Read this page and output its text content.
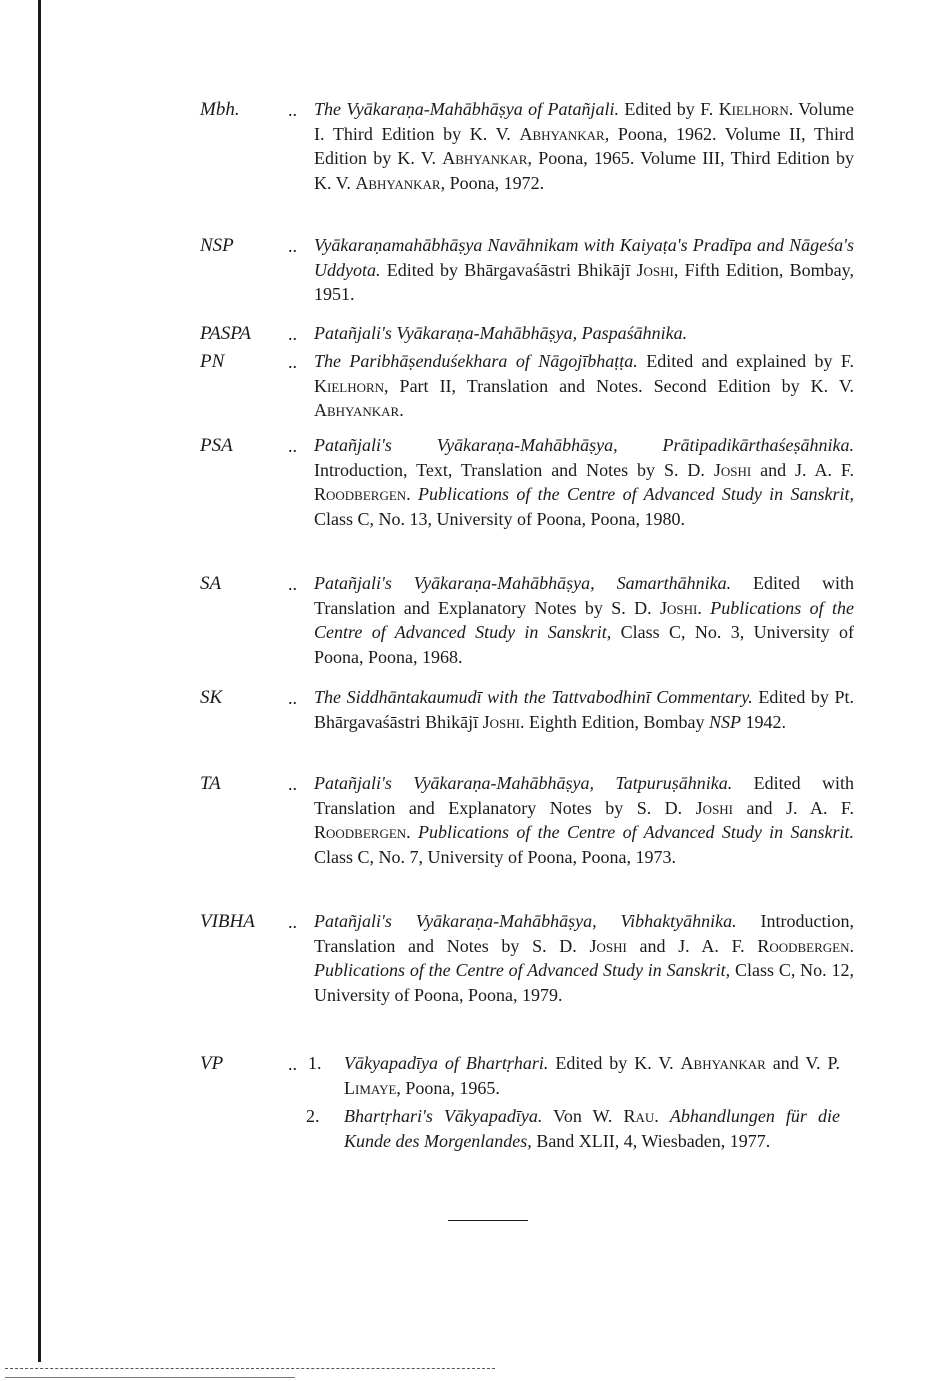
Mbh.	.. The Vyākaraṇa-Mahābhāṣya of Patañjali. Edited by F. Kielhorn. Volume I. Third Edition by K. V. Abhyankar, Poona, 1962. Volume II, Third Edition by K. V. Abhyankar, Poona, 1965. Volume III, Third Edition by K. V. Abhyankar, Poona, 1972.
NSP	.. Vyākaraṇamahābhāṣya Navāhnikam with Kaiyaṭa's Pradīpa and Nāgeśa's Uddyota. Edited by Bhārgavaśāstri Bhikājī Joshi, Fifth Edition, Bombay, 1951.
PASPA	.. Patañjali's Vyākaraṇa-Mahābhāṣya, Paspaśāhnika.
PN	.. The Paribhāṣenduśekhara of Nāgojībhaṭṭa. Edited and explained by F. Kielhorn, Part II, Translation and Notes. Second Edition by K. V. Abhyankar.
PSA	.. Patañjali's Vyākaraṇa-Mahābhāṣya, Prātipadikārthaśeṣāhnika. Introduction, Text, Translation and Notes by S. D. Joshi and J. A. F. Roodbergen. Publications of the Centre of Advanced Study in Sanskrit, Class C, No. 13, University of Poona, Poona, 1980.
SA	.. Patañjali's Vyākaraṇa-Mahābhāṣya, Samarthāhnika. Edited with Translation and Explanatory Notes by S. D. Joshi. Publications of the Centre of Advanced Study in Sanskrit, Class C, No. 3, University of Poona, Poona, 1968.
SK	.. The Siddhāntakaumudī with the Tattvabodhinī Commentary. Edited by Pt. Bhārgavaśāstri Bhikājī Joshi. Eighth Edition, Bombay NSP 1942.
TA	.. Patañjali's Vyākaraṇa-Mahābhāṣya, Tatpuruṣāhnika. Edited with Translation and Explanatory Notes by S. D. Joshi and J. A. F. Roodbergen. Publications of the Centre of Advanced Study in Sanskrit. Class C, No. 7, University of Poona, Poona, 1973.
VIBHA	.. Patañjali's Vyākaraṇa-Mahābhāṣya, Vibhaktyāhnika. Introduction, Translation and Notes by S. D. Joshi and J. A. F. Roodbergen. Publications of the Centre of Advanced Study in Sanskrit, Class C, No. 12, University of Poona, Poona, 1979.
VP	.. 1. Vākyapadīya of Bhartṛhari. Edited by K. V. Abhyankar and V. P. Limaye, Poona, 1965.
2. Bhartṛhari's Vākyapadīya. Von W. Rau. Abhandlungen für die Kunde des Morgenlandes, Band XLII, 4, Wiesbaden, 1977.
